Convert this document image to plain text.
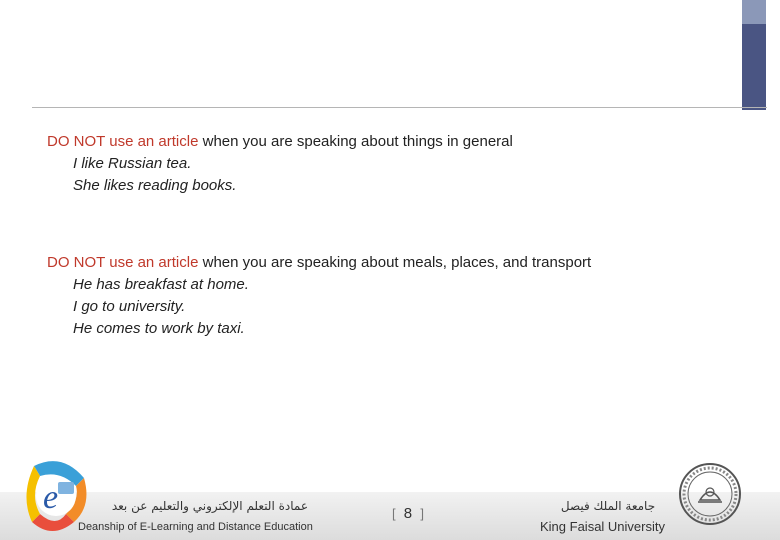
DO NOT use an article when you are speaking about things in general
I like Russian tea.
She likes reading books.
DO NOT use an article when you are speaking about meals, places, and transport
He has breakfast at home.
I go to university.
He comes to work by taxi.
e	عمادة التعلم الإلكتروني والتعليم عن بعد
Deanship of E-Learning and Distance Education
[ 8 ]	جامعة الملك فيصل
King Faisal University
